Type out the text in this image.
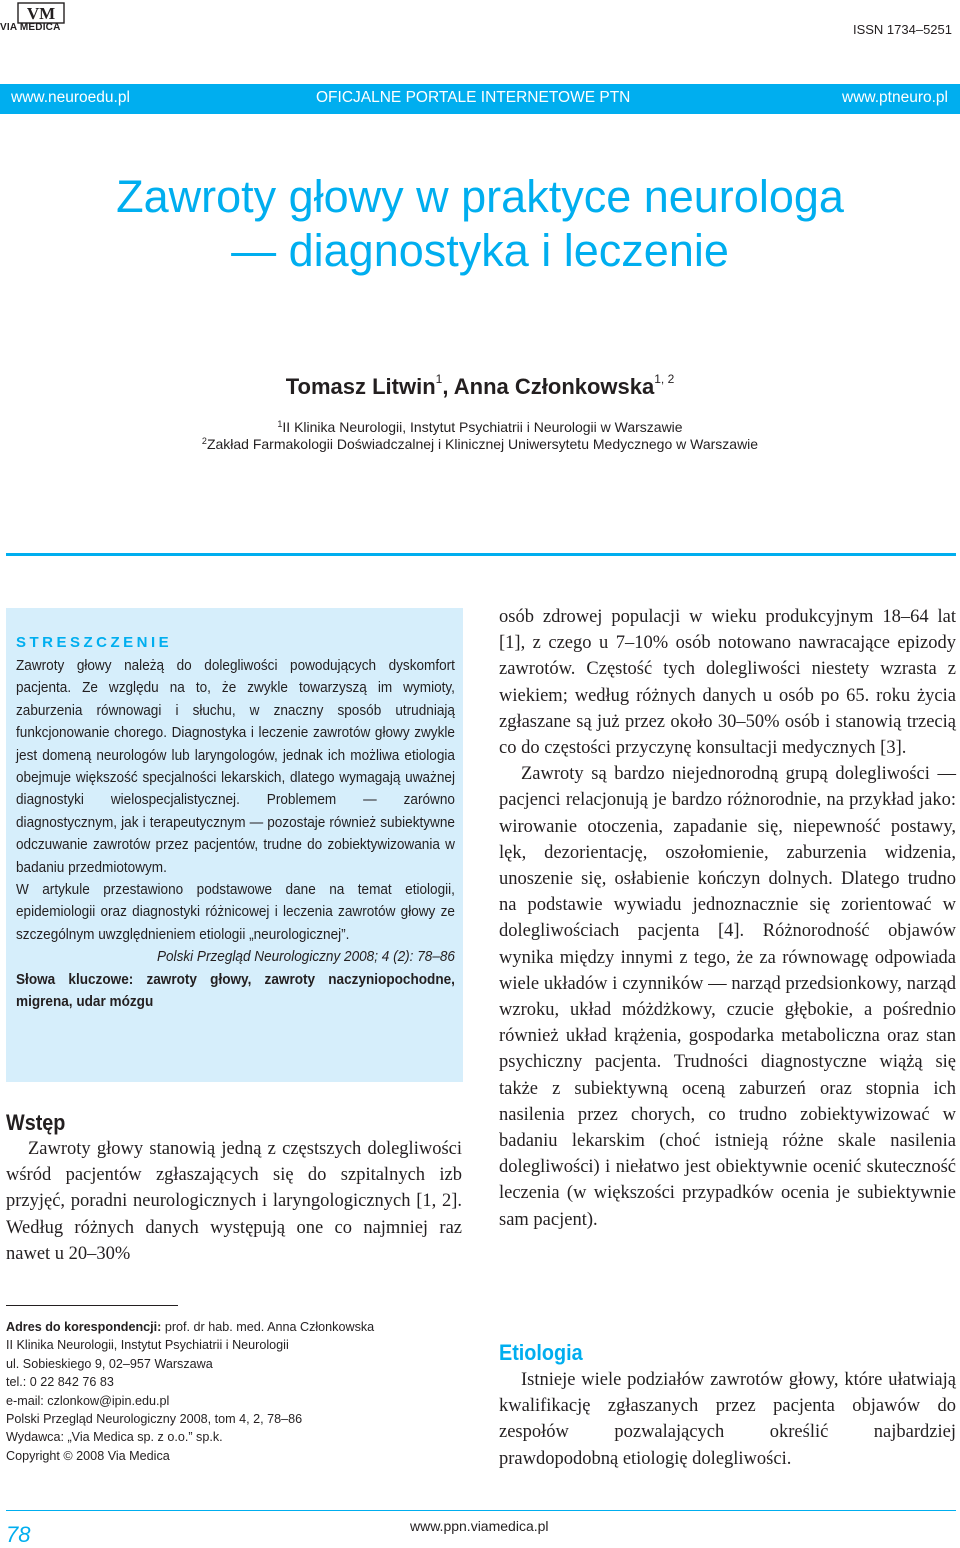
VM
VIA MEDICA	ISSN 1734–5251
www.neuroedu.pl	OFICJALNE PORTALE INTERNETOWE PTN	www.ptneuro.pl
Zawroty głowy w praktyce neurologa
— diagnostyka i leczenie
Tomasz Litwin$^1$, Anna Członkowska$^{1, 2}$
$^1$II Klinika Neurologii, Instytut Psychiatrii i Neurologii w Warszawie
$^2$Zakład Farmakologii Doświadczalnej i Klinicznej Uniwersytetu Medycznego w Warszawie
STRESZCZENIE

Zawroty głowy należą do dolegliwości powodujących dyskomfort pacjenta. Ze względu na to, że zwykle towarzyszą im wymioty, zaburzenia równowagi i słuchu, w znaczny sposób utrudniają funkcjonowanie chorego. Diagnostyka i leczenie zawrotów głowy zwykle jest domeną neurologów lub laryngologów, jednak ich możliwa etiologia obejmuje większość specjalności lekarskich, dlatego wymagają uważnej diagnostyki wielospecjalistycznej. Problemem — zarówno diagnostycznym, jak i terapeutycznym — pozostaje również subiektywne odczuwanie zawrotów przez pacjentów, trudne do zobiektywizowania w badaniu przedmiotowym.

W artykule przestawiono podstawowe dane na temat etiologii, epidemiologii oraz diagnostyki różnicowej i leczenia zawrotów głowy ze szczególnym uwzględnieniem etiologii „neurologicznej”.

Polski Przegląd Neurologiczny 2008; 4 (2): 78–86

Słowa kluczowe: zawroty głowy, zawroty naczyniopochodne, migrena, udar mózgu

Wstęp

Zawroty głowy stanowią jedną z częstszych dolegliwości wśród pacjentów zgłaszających się do szpitalnych izb przyjęć, poradni neurologicznych i laryngologicznych [1, 2]. Według różnych danych występują one co najmniej raz nawet u 20–30%

Adres do korespondencji: prof. dr hab. med. Anna Członkowska
II Klinika Neurologii, Instytut Psychiatrii i Neurologii
ul. Sobieskiego 9, 02–957 Warszawa
tel.: 0 22 842 76 83
e-mail: czlonkow@ipin.edu.pl
Polski Przegląd Neurologiczny 2008, tom 4, 2, 78–86
Wydawca: „Via Medica sp. z o.o.” sp.k.
Copyright © 2008 Via Medica

osób zdrowej populacji w wieku produkcyjnym 18–64 lat [1], z czego u 7–10% osób notowano nawracające epizody zawrotów. Częstość tych dolegliwości niestety wzrasta z wiekiem; według różnych danych u osób po 65. roku życia zgłaszane są już przez około 30–50% osób i stanowią trzecią co do częstości przyczynę konsultacji medycznych [3].

Zawroty są bardzo niejednorodną grupą dolegliwości — pacjenci relacjonują je bardzo różnorodnie, na przykład jako: wirowanie otoczenia, zapadanie się, niepewność postawy, lęk, dezorientację, oszołomienie, zaburzenia widzenia, unoszenie się, osłabienie kończyn dolnych. Dlatego trudno na podstawie wywiadu jednoznacznie się zorientować w dolegliwościach pacjenta [4]. Różnorodność objawów wynika między innymi z tego, że za równowagę odpowiada wiele układów i czynników — narząd przedsionkowy, narząd wzroku, układ móżdżkowy, czucie głębokie, a pośrednio również układ krążenia, gospodarka metaboliczna oraz stan psychiczny pacjenta. Trudności diagnostyczne wiążą się także z subiektywną oceną zaburzeń oraz stopnia ich nasilenia przez chorych, co trudno zobiektywizować w badaniu lekarskim (choć istnieją różne skale nasilenia dolegliwości) i niełatwo jest obiektywnie ocenić skuteczność leczenia (w większości przypadków ocenia je subiektywnie sam pacjent).

Etiologia

Istnieje wiele podziałów zawrotów głowy, które ułatwiają kwalifikację zgłaszanych przez pacjenta objawów do zespołów pozwalających określić najbardziej prawdopodobną etiologię dolegliwości.

78	www.ppn.viamedica.pl
